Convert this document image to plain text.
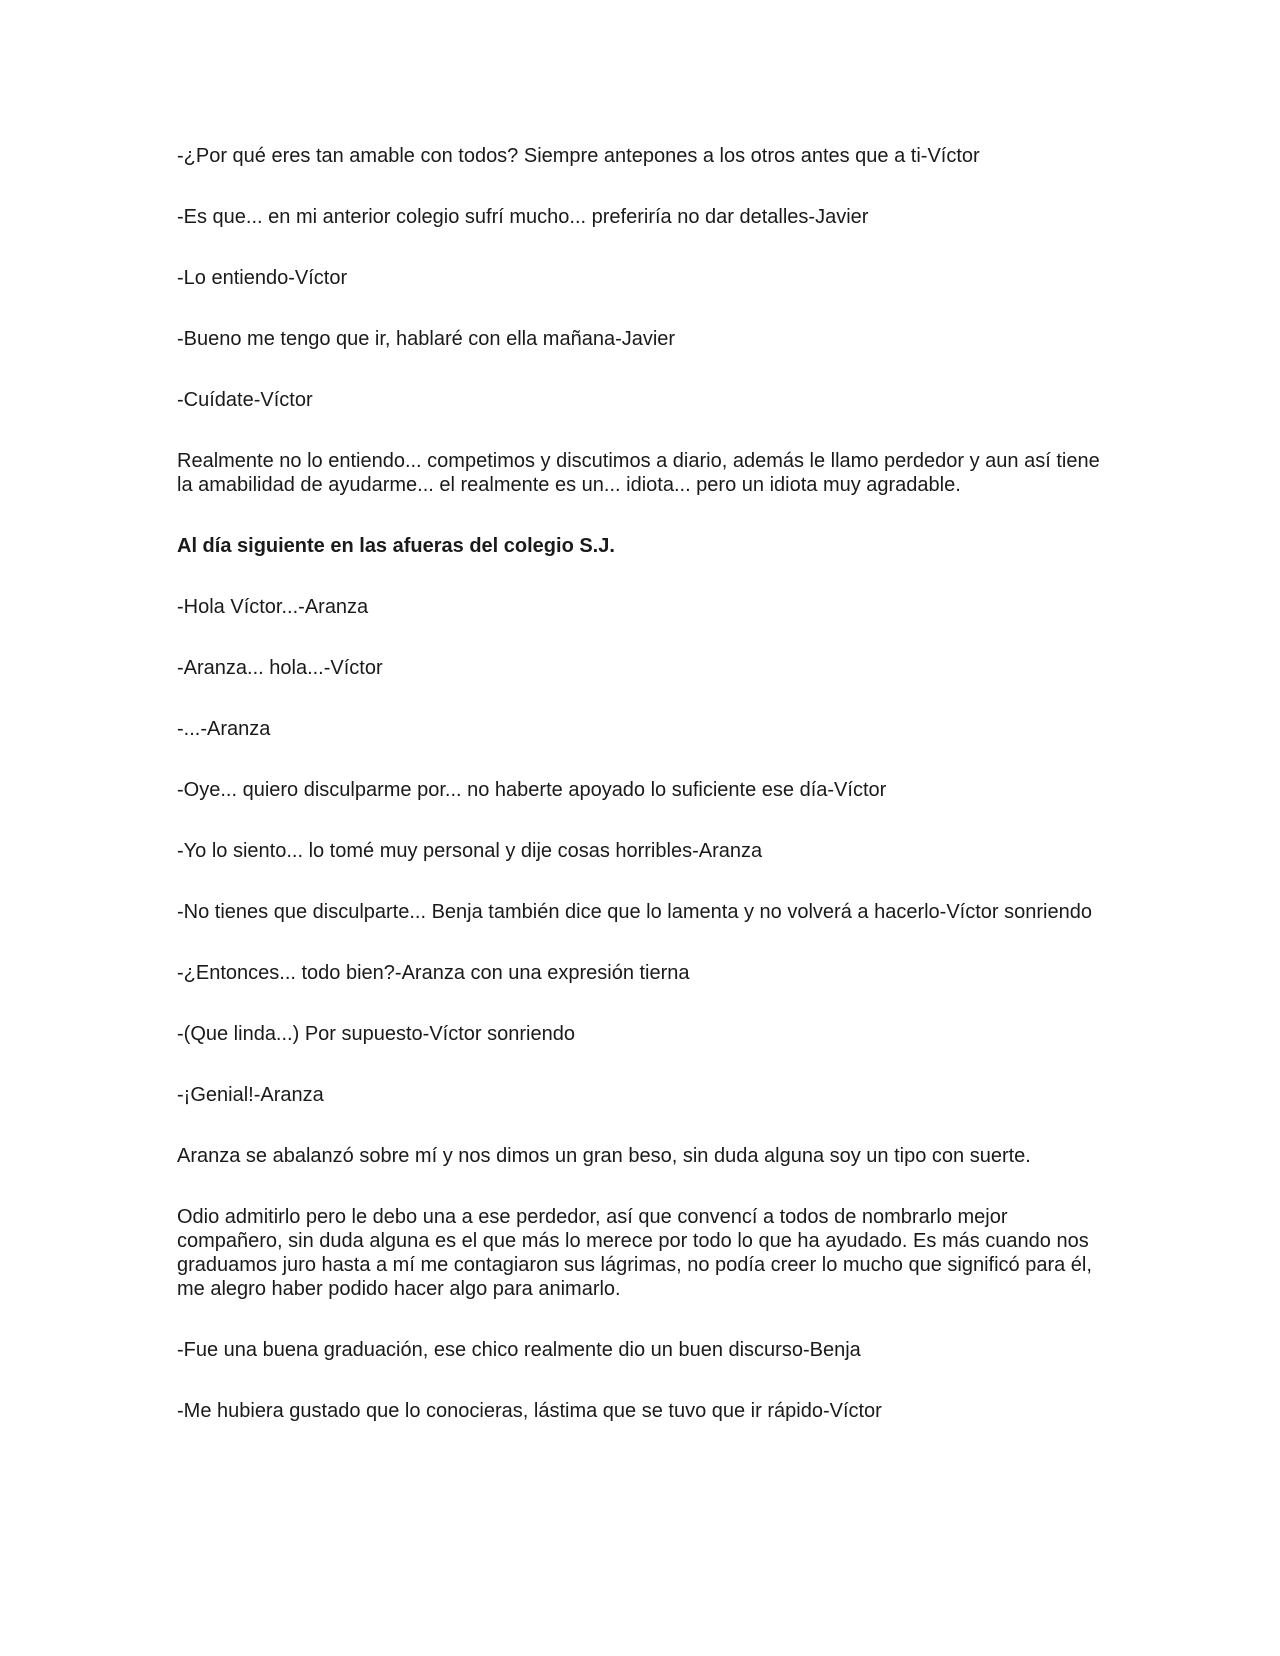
-¿Por qué eres tan amable con todos? Siempre antepones a los otros antes que a ti-Víctor

-Es que... en mi anterior colegio sufrí mucho... preferiría no dar detalles-Javier

-Lo entiendo-Víctor

-Bueno me tengo que ir, hablaré con ella mañana-Javier

-Cuídate-Víctor

Realmente no lo entiendo... competimos y discutimos a diario, además le llamo perdedor y aun así tiene la amabilidad de ayudarme... el realmente es un... idiota... pero un idiota muy agradable.

Al día siguiente en las afueras del colegio S.J.

-Hola Víctor...-Aranza

-Aranza... hola...-Víctor

-...-Aranza

-Oye... quiero disculparme por... no haberte apoyado lo suficiente ese día-Víctor

-Yo lo siento... lo tomé muy personal y dije cosas horribles-Aranza

-No tienes que disculparte... Benja también dice que lo lamenta y no volverá a hacerlo-Víctor sonriendo

-¿Entonces... todo bien?-Aranza con una expresión tierna

-(Que linda...) Por supuesto-Víctor sonriendo

-¡Genial!-Aranza

Aranza se abalanzó sobre mí y nos dimos un gran beso, sin duda alguna soy un tipo con suerte.

Odio admitirlo pero le debo una a ese perdedor, así que convencí a todos de nombrarlo mejor compañero, sin duda alguna es el que más lo merece por todo lo que ha ayudado. Es más cuando nos graduamos juro hasta a mí me contagiaron sus lágrimas, no podía creer lo mucho que significó para él, me alegro haber podido hacer algo para animarlo.

-Fue una buena graduación, ese chico realmente dio un buen discurso-Benja

-Me hubiera gustado que lo conocieras, lástima que se tuvo que ir rápido-Víctor
